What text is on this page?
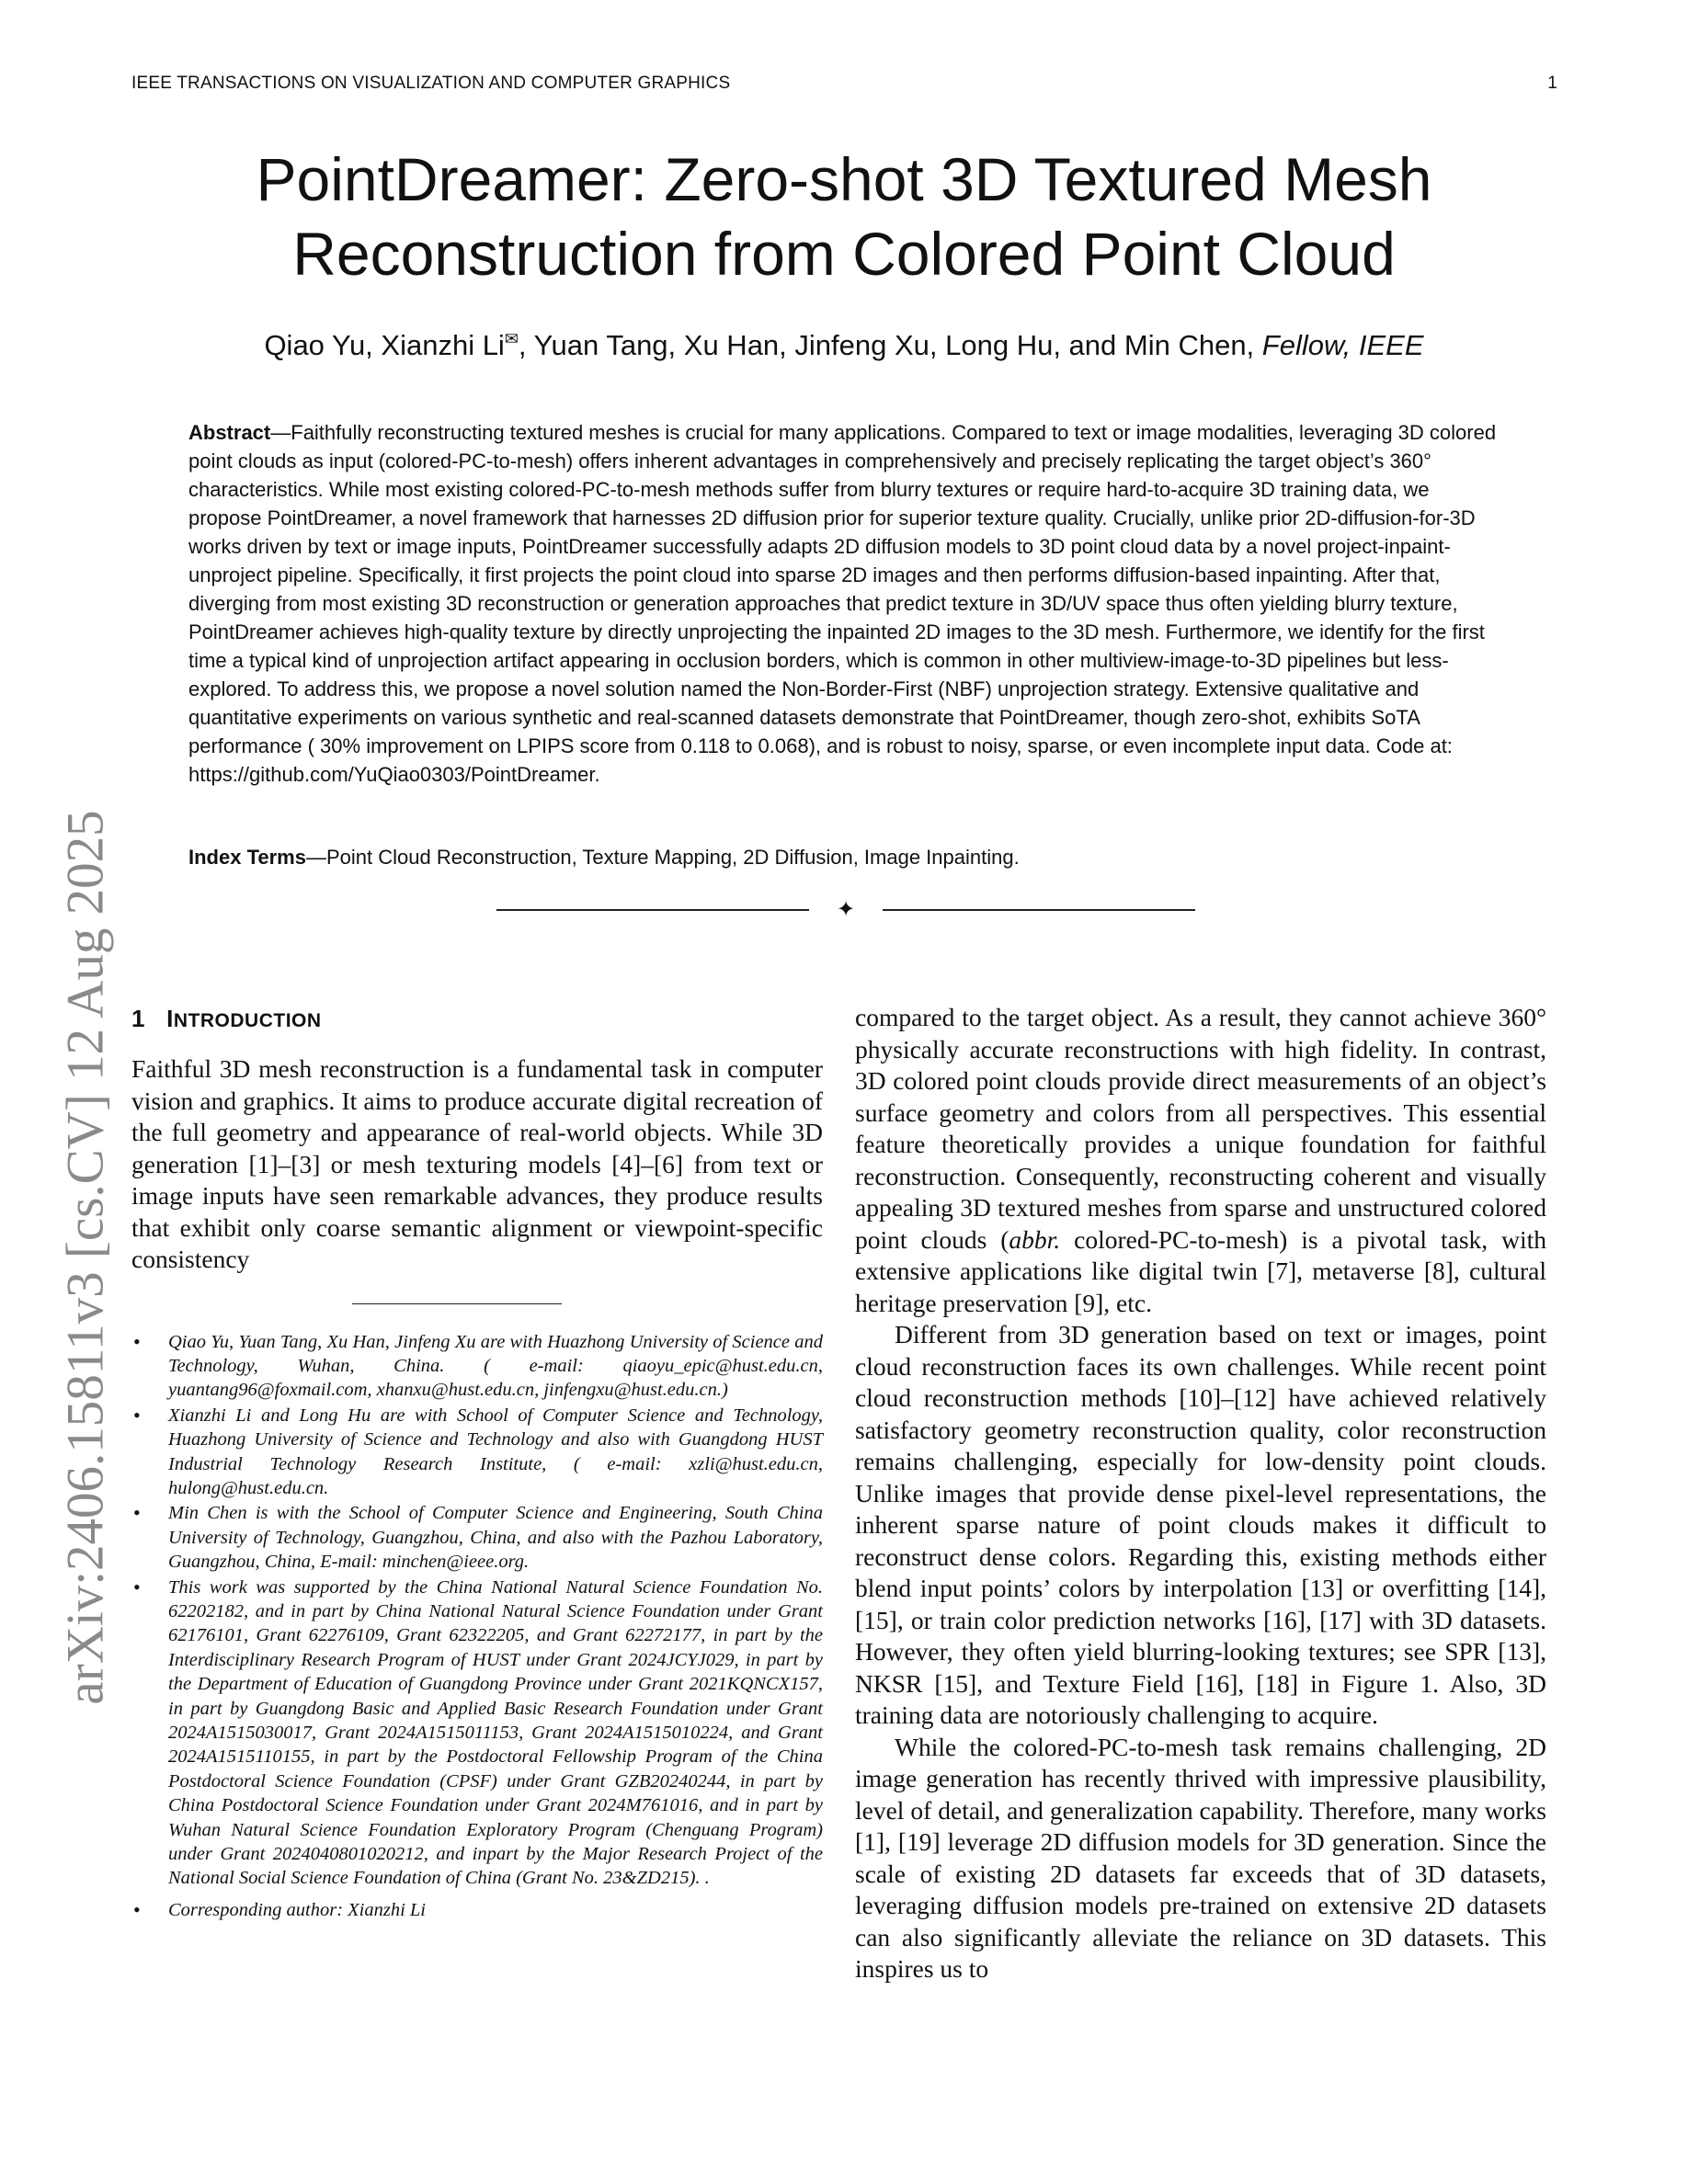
IEEE TRANSACTIONS ON VISUALIZATION AND COMPUTER GRAPHICS	1
PointDreamer: Zero-shot 3D Textured Mesh
Reconstruction from Colored Point Cloud
Qiao Yu, Xianzhi Li✉, Yuan Tang, Xu Han, Jinfeng Xu, Long Hu, and Min Chen, Fellow, IEEE

Abstract—Faithfully reconstructing textured meshes is crucial for many applications. Compared to text or image modalities, leveraging 3D colored point clouds as input (colored-PC-to-mesh) offers inherent advantages in comprehensively and precisely replicating the target object’s 360° characteristics. While most existing colored-PC-to-mesh methods suffer from blurry textures or require hard-to-acquire 3D training data, we propose PointDreamer, a novel framework that harnesses 2D diffusion prior for superior texture quality. Crucially, unlike prior 2D-diffusion-for-3D works driven by text or image inputs, PointDreamer successfully adapts 2D diffusion models to 3D point cloud data by a novel project-inpaint-unproject pipeline. Specifically, it first projects the point cloud into sparse 2D images and then performs diffusion-based inpainting. After that, diverging from most existing 3D reconstruction or generation approaches that predict texture in 3D/UV space thus often yielding blurry texture, PointDreamer achieves high-quality texture by directly unprojecting the inpainted 2D images to the 3D mesh. Furthermore, we identify for the first time a typical kind of unprojection artifact appearing in occlusion borders, which is common in other multiview-image-to-3D pipelines but less-explored. To address this, we propose a novel solution named the Non-Border-First (NBF) unprojection strategy. Extensive qualitative and quantitative experiments on various synthetic and real-scanned datasets demonstrate that PointDreamer, though zero-shot, exhibits SoTA performance ( 30% improvement on LPIPS score from 0.118 to 0.068), and is robust to noisy, sparse, or even incomplete input data. Code at: https://github.com/YuQiao0303/PointDreamer.

Index Terms—Point Cloud Reconstruction, Texture Mapping, 2D Diffusion, Image Inpainting.

✦
arXiv:2406.15811v3 [cs.CV] 12 Aug 2025 1 INTRODUCTION

Faithful 3D mesh reconstruction is a fundamental task in computer vision and graphics. It aims to produce accurate digital recreation of the full geometry and appearance of real-world objects. While 3D generation [1]–[3] or mesh texturing models [4]–[6] from text or image inputs have seen remarkable advances, they produce results that exhibit only coarse semantic alignment or viewpoint-specific consistency

• Qiao Yu, Yuan Tang, Xu Han, Jinfeng Xu are with Huazhong University of Science and Technology, Wuhan, China. ( e-mail: qiaoyu_epic@hust.edu.cn, yuantang96@foxmail.com, xhanxu@hust.edu.cn, jinfengxu@hust.edu.cn.)
• Xianzhi Li and Long Hu are with School of Computer Science and Technology, Huazhong University of Science and Technology and also with Guangdong HUST Industrial Technology Research Institute, ( e-mail: xzli@hust.edu.cn, hulong@hust.edu.cn.
• Min Chen is with the School of Computer Science and Engineering, South China University of Technology, Guangzhou, China, and also with the Pazhou Laboratory, Guangzhou, China, E-mail: minchen@ieee.org.
• This work was supported by the China National Natural Science Foundation No. 62202182, and in part by China National Natural Science Foundation under Grant 62176101, Grant 62276109, Grant 62322205, and Grant 62272177, in part by the Interdisciplinary Research Program of HUST under Grant 2024JCYJ029, in part by the Department of Education of Guangdong Province under Grant 2021KQNCX157, in part by Guangdong Basic and Applied Basic Research Foundation under Grant 2024A1515030017, Grant 2024A1515011153, Grant 2024A1515010224, and Grant 2024A1515110155, in part by the Postdoctoral Fellowship Program of the China Postdoctoral Science Foundation (CPSF) under Grant GZB20240244, in part by China Postdoctoral Science Foundation under Grant 2024M761016, and in part by Wuhan Natural Science Foundation Exploratory Program (Chenguang Program) under Grant 2024040801020212, and inpart by the Major Research Project of the National Social Science Foundation of China (Grant No. 23&ZD215). .
• Corresponding author: Xianzhi Li

compared to the target object. As a result, they cannot achieve 360° physically accurate reconstructions with high fidelity. In contrast, 3D colored point clouds provide direct measurements of an object’s surface geometry and colors from all perspectives. This essential feature theoretically provides a unique foundation for faithful reconstruction. Consequently, reconstructing coherent and visually appealing 3D textured meshes from sparse and unstructured colored point clouds (abbr. colored-PC-to-mesh) is a pivotal task, with extensive applications like digital twin [7], metaverse [8], cultural heritage preservation [9], etc.

Different from 3D generation based on text or images, point cloud reconstruction faces its own challenges. While recent point cloud reconstruction methods [10]–[12] have achieved relatively satisfactory geometry reconstruction quality, color reconstruction remains challenging, especially for low-density point clouds. Unlike images that provide dense pixel-level representations, the inherent sparse nature of point clouds makes it difficult to reconstruct dense colors. Regarding this, existing methods either blend input points’ colors by interpolation [13] or overfitting [14], [15], or train color prediction networks [16], [17] with 3D datasets. However, they often yield blurring-looking textures; see SPR [13], NKSR [15], and Texture Field [16], [18] in Figure 1. Also, 3D training data are notoriously challenging to acquire.

While the colored-PC-to-mesh task remains challenging, 2D image generation has recently thrived with impressive plausibility, level of detail, and generalization capability. Therefore, many works [1], [19] leverage 2D diffusion models for 3D generation. Since the scale of existing 2D datasets far exceeds that of 3D datasets, leveraging diffusion models pre-trained on extensive 2D datasets can also significantly alleviate the reliance on 3D datasets. This inspires us to
